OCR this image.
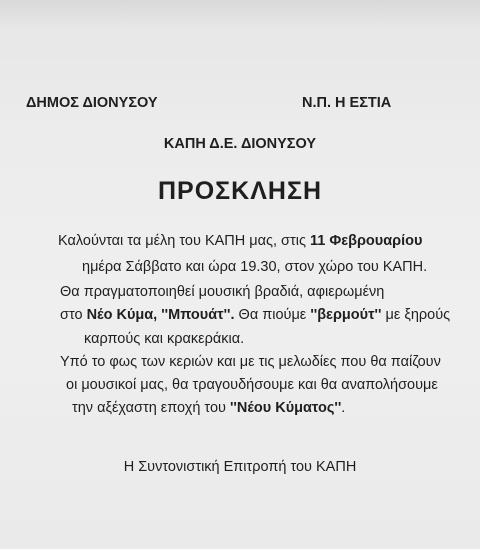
ΔΗΜΟΣ ΔΙΟΝΥΣΟΥ	Ν.Π. Η ΕΣΤΙΑ
ΚΑΠΗ Δ.Ε. ΔΙΟΝΥΣΟΥ
ΠΡΟΣΚΛΗΣΗ
Καλούνται τα μέλη του ΚΑΠΗ μας, στις 11 Φεβρουαρίου
ημέρα Σάββατο και ώρα 19.30, στον χώρο του ΚΑΠΗ.
Θα πραγματοποιηθεί μουσική βραδιά, αφιερωμένη
στο Νέο Κύμα, ''Μπουάτ''. Θα πιούμε ''βερμούτ'' με ξηρούς
καρπούς και κρακεράκια.
Υπό το φως των κεριών και με τις μελωδίες που θα παίζουν
οι μουσικοί μας, θα τραγουδήσουμε και θα αναπολήσουμε
την αξέχαστη εποχή του ''Νέου Κύματος''.
Η Συντονιστική Επιτροπή του ΚΑΠΗ
